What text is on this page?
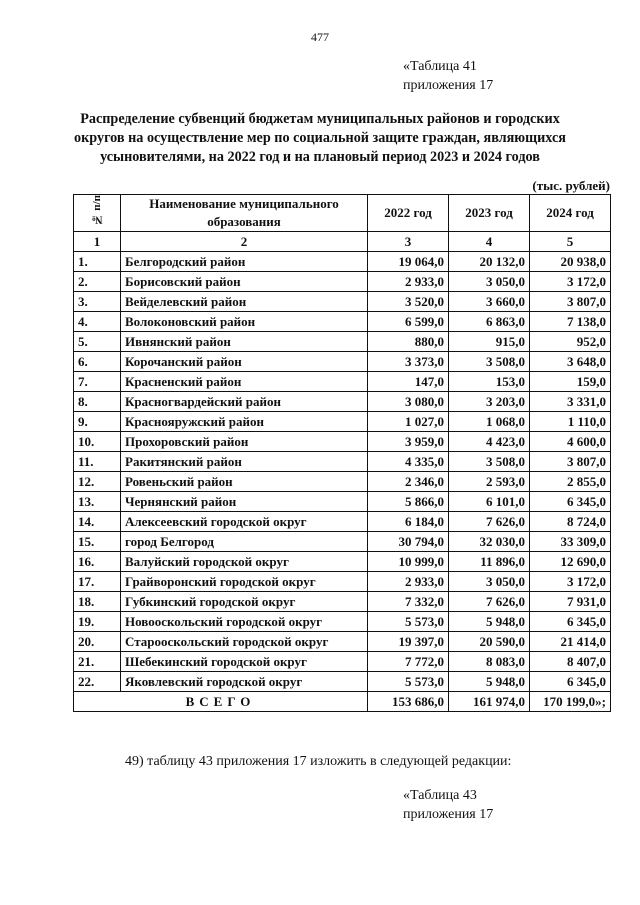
477
«Таблица 41
приложения 17
Распределение субвенций бюджетам муниципальных районов и городских округов на осуществление мер по социальной защите граждан, являющихся усыновителями, на 2022 год и на плановый период 2023 и 2024 годов
(тыс. рублей)
№ п/п	Наименование муниципального образования	2022 год	2023 год	2024 год
1	2	3	4	5
1.	Белгородский район	19 064,0	20 132,0	20 938,0
2.	Борисовский район	2 933,0	3 050,0	3 172,0
3.	Вейделевский район	3 520,0	3 660,0	3 807,0
4.	Волоконовский район	6 599,0	6 863,0	7 138,0
5.	Ивнянский район	880,0	915,0	952,0
6.	Корочанский район	3 373,0	3 508,0	3 648,0
7.	Красненский район	147,0	153,0	159,0
8.	Красногвардейский район	3 080,0	3 203,0	3 331,0
9.	Краснояружский район	1 027,0	1 068,0	1 110,0
10.	Прохоровский район	3 959,0	4 423,0	4 600,0
11.	Ракитянский район	4 335,0	3 508,0	3 807,0
12.	Ровеньский район	2 346,0	2 593,0	2 855,0
13.	Чернянский район	5 866,0	6 101,0	6 345,0
14.	Алексеевский городской округ	6 184,0	7 626,0	8 724,0
15.	город Белгород	30 794,0	32 030,0	33 309,0
16.	Валуйский городской округ	10 999,0	11 896,0	12 690,0
17.	Грайворонский городской округ	2 933,0	3 050,0	3 172,0
18.	Губкинский городской округ	7 332,0	7 626,0	7 931,0
19.	Новооскольский городской округ	5 573,0	5 948,0	6 345,0
20.	Старооскольский городской округ	19 397,0	20 590,0	21 414,0
21.	Шебекинский городской округ	7 772,0	8 083,0	8 407,0
22.	Яковлевский городской округ	5 573,0	5 948,0	6 345,0
ВСЕГО		153 686,0	161 974,0	170 199,0»;
49) таблицу 43 приложения 17 изложить в следующей редакции:
«Таблица 43
приложения 17
